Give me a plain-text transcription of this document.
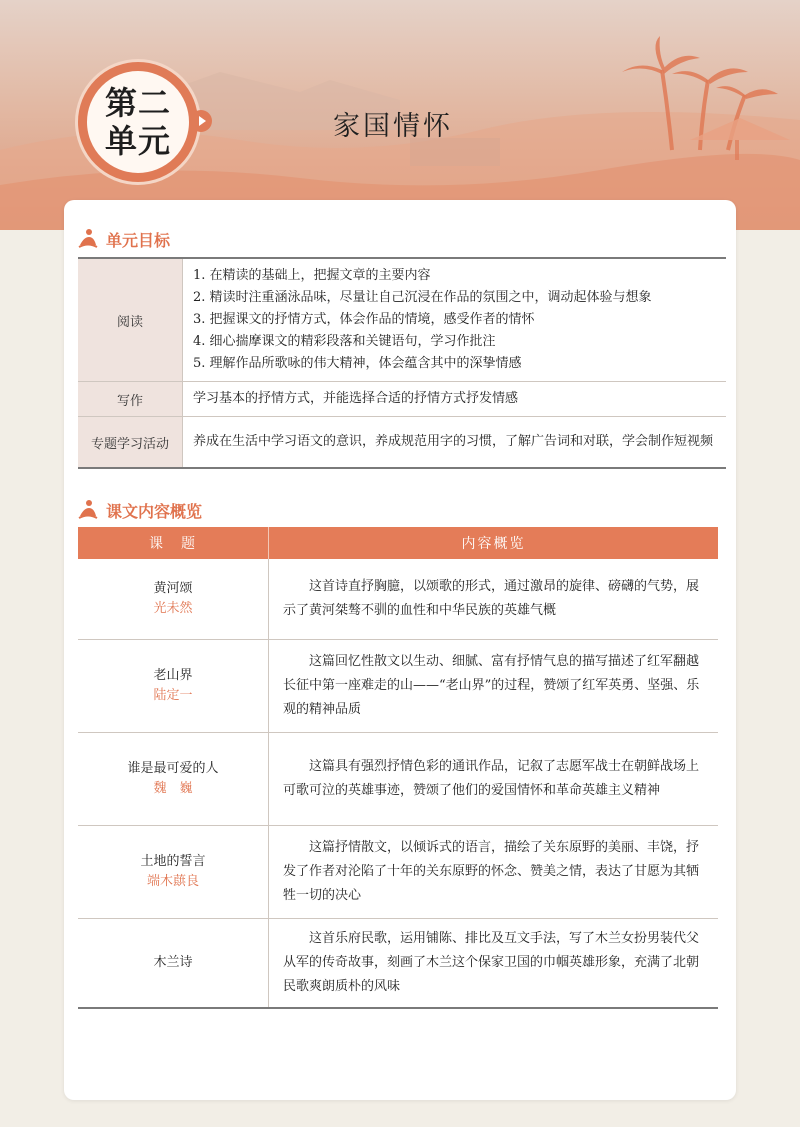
第二
单元	家国情怀
单元目标
阅读	1. 在精读的基础上，把握文章的主要内容
2. 精读时注重涵泳品味，尽量让自己沉浸在作品的氛围之中，调动起体验与想象
3. 把握课文的抒情方式，体会作品的情境，感受作者的情怀
4. 细心揣摩课文的精彩段落和关键语句，学习作批注
5. 理解作品所歌咏的伟大精神，体会蕴含其中的深挚情感

写作	学习基本的抒情方式，并能选择合适的抒情方式抒发情感

专题学习活动	养成在生活中学习语文的意识，养成规范用字的习惯，了解广告词和对联，学会制作短视频
课文内容概览
课　题	内容概览

黄河颂
光未然	这首诗直抒胸臆，以颂歌的形式，通过激昂的旋律、磅礴的气势，展示了黄河桀骜不驯的血性和中华民族的英雄气概

老山界
陆定一	这篇回忆性散文以生动、细腻、富有抒情气息的描写描述了红军翻越长征中第一座难走的山——“老山界”的过程，赞颂了红军英勇、坚强、乐观的精神品质

谁是最可爱的人
魏　巍	这篇具有强烈抒情色彩的通讯作品，记叙了志愿军战士在朝鲜战场上可歌可泣的英雄事迹，赞颂了他们的爱国情怀和革命英雄主义精神

土地的誓言
端木蕻良	这篇抒情散文，以倾诉式的语言，描绘了关东原野的美丽、丰饶，抒发了作者对沦陷了十年的关东原野的怀念、赞美之情，表达了甘愿为其牺牲一切的决心

木兰诗	这首乐府民歌，运用铺陈、排比及互文手法，写了木兰女扮男装代父从军的传奇故事，刻画了木兰这个保家卫国的巾帼英雄形象，充满了北朝民歌爽朗质朴的风味
